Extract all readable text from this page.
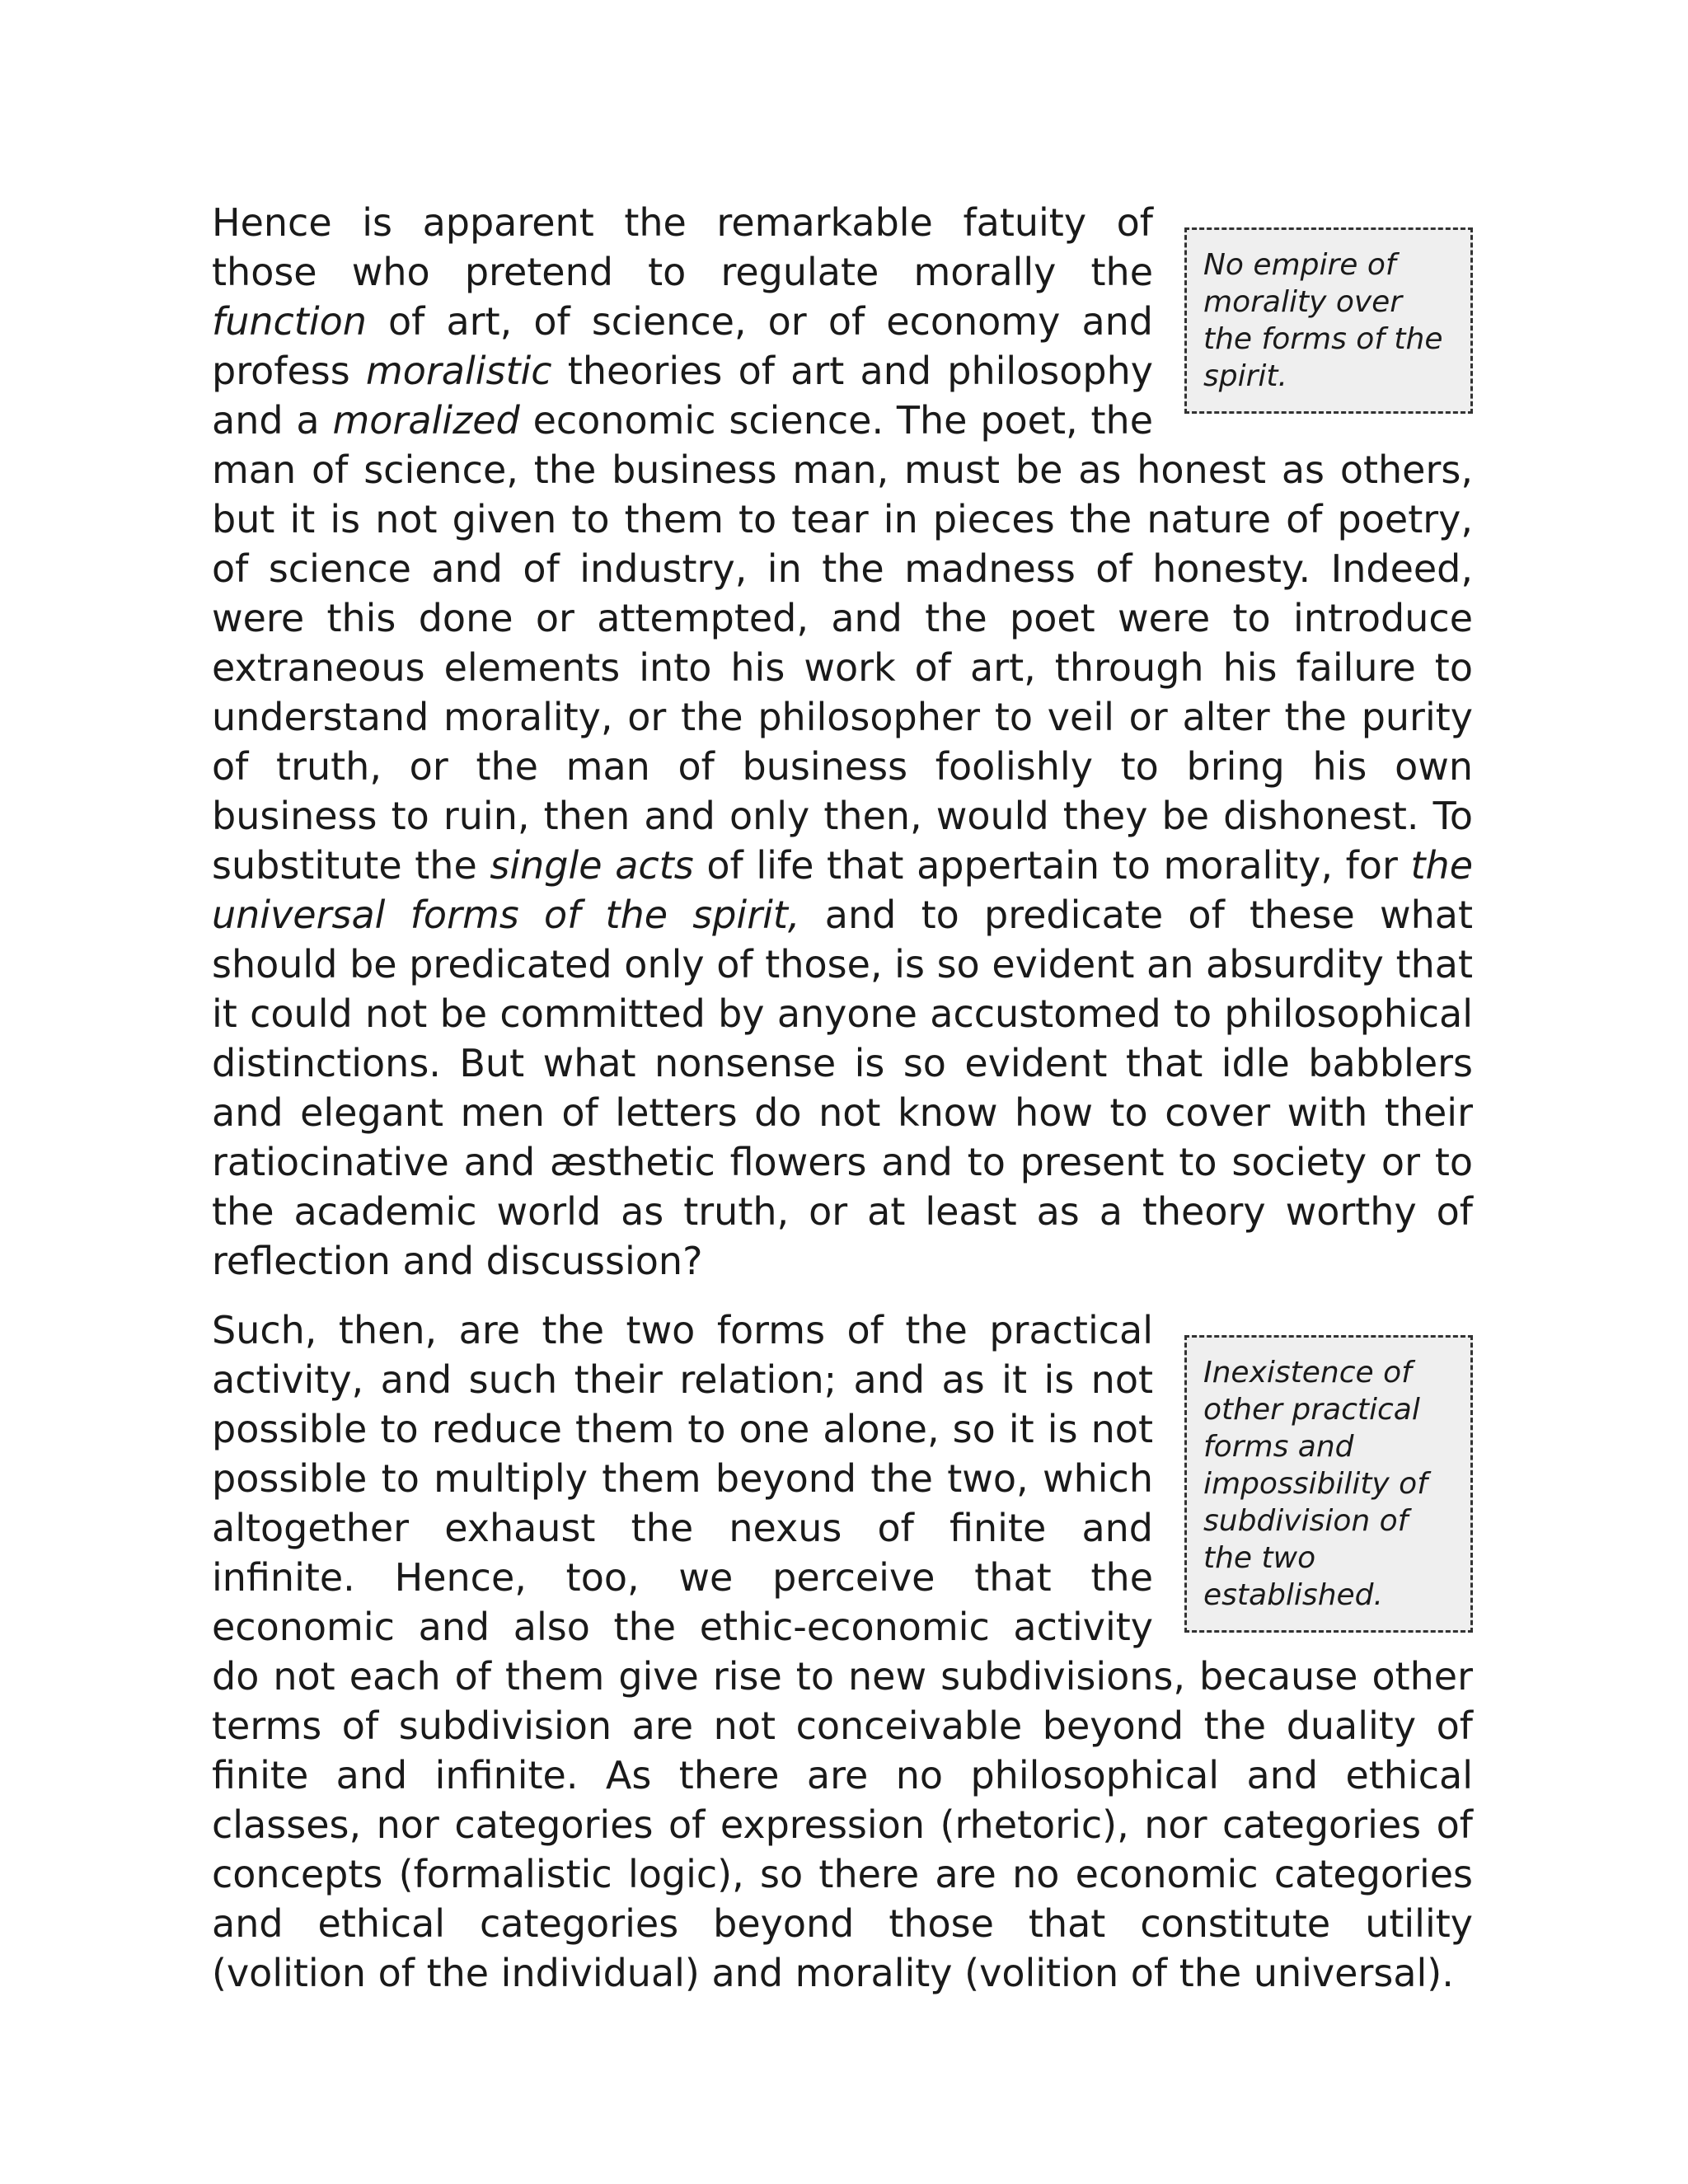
No empire of morality over the forms of the spirit.
Hence is apparent the remarkable fatuity of those who pretend to regulate morally the function of art, of science, or of economy and profess moralistic theories of art and philosophy and a moralized economic science. The poet, the man of science, the business man, must be as honest as others, but it is not given to them to tear in pieces the nature of poetry, of science and of industry, in the madness of honesty. Indeed, were this done or attempted, and the poet were to introduce extraneous elements into his work of art, through his failure to understand morality, or the philosopher to veil or alter the purity of truth, or the man of business foolishly to bring his own business to ruin, then and only then, would they be dishonest. To substitute the single acts of life that appertain to morality, for the universal forms of the spirit, and to predicate of these what should be predicated only of those, is so evident an absurdity that it could not be committed by anyone accustomed to philosophical distinctions. But what nonsense is so evident that idle babblers and elegant men of letters do not know how to cover with their ratiocinative and æsthetic flowers and to present to society or to the academic world as truth, or at least as a theory worthy of reflection and discussion?

Inexistence of other practical forms and impossibility of subdivision of the two established.
Such, then, are the two forms of the practical activity, and such their relation; and as it is not possible to reduce them to one alone, so it is not possible to multiply them beyond the two, which altogether exhaust the nexus of finite and infinite. Hence, too, we perceive that the economic and also the ethic-economic activity do not each of them give rise to new subdivisions, because other terms of subdivision are not conceivable beyond the duality of finite and infinite. As there are no philosophical and ethical classes, nor categories of expression (rhetoric), nor categories of concepts (formalistic logic), so there are no economic categories and ethical categories beyond those that constitute utility (volition of the individual) and morality (volition of the universal).
